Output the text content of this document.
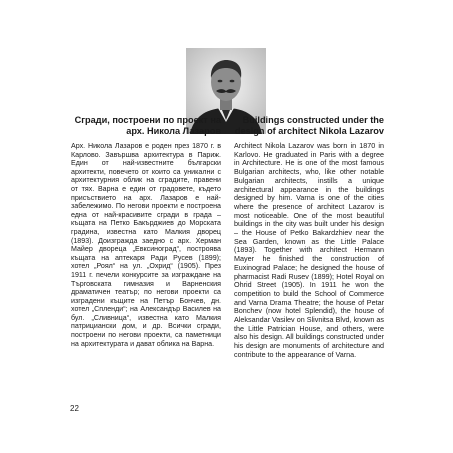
Сгради, построени по проект на арх. Никола Лазаров

Арх. Никола Лазаров е роден през 1870 г. в Карлово. Завършва архитектура в Париж. Един от най-известните български архитекти, повечето от които са уникални с архитектурния облик на сградите, правени от тях. Варна е един от градовете, където присъствието на арх. Лазаров е най-забележимо. По негови проекти е построена една от най-красивите сгради в града – къщата на Петко Бакърджиев до Морската градина, известна като Малкия дворец (1893). Доизгражда заедно с арх. Херман Майер двореца „Евксиноград“, построява къщата на аптекаря Ради Русев (1899); хотел „Роял“ на ул. „Охрид“ (1905). През 1911 г. печели конкурсите за изграждане на Търговската гимназия и Варненския драматичен театър; по негови проекти са изградени къщите на Петър Бончев, дн. хотел „Спленди“; на Александър Василев на бул. „Сливница“, известна като Малкия патрициански дом, и др. Всички сгради, построени по негови проекти, са паметници на архитектурата и дават облика на Варна.

Buildings constructed under the design of architect Nikola Lazarov

Architect Nikola Lazarov was born in 1870 in Karlovo. He graduated in Paris with a degree in Architecture. He is one of the most famous Bulgarian architects, who, like other notable Bulgarian architects, instills a unique architectural appearance in the buildings designed by him. Varna is one of the cities where the presence of architect Lazarov is most noticeable. One of the most beautiful buildings in the city was built under his design – the House of Petko Bakardzhiev near the Sea Garden, known as the Little Palace (1893). Together with architect Hermann Mayer he finished the construction of Euxinograd Palace; he designed the house of pharmacist Radi Rusev (1899); Hotel Royal on Ohrid Street (1905). In 1911 he won the competition to build the School of Commerce and Varna Drama Theatre; the house of Petar Bonchev (now hotel Splendid), the house of Aleksandar Vasilev on Slivnitsa Blvd, known as the Little Patrician House, and others, were also his design. All buildings constructed under his design are monuments of architecture and contribute to the appearance of Varna.
22
